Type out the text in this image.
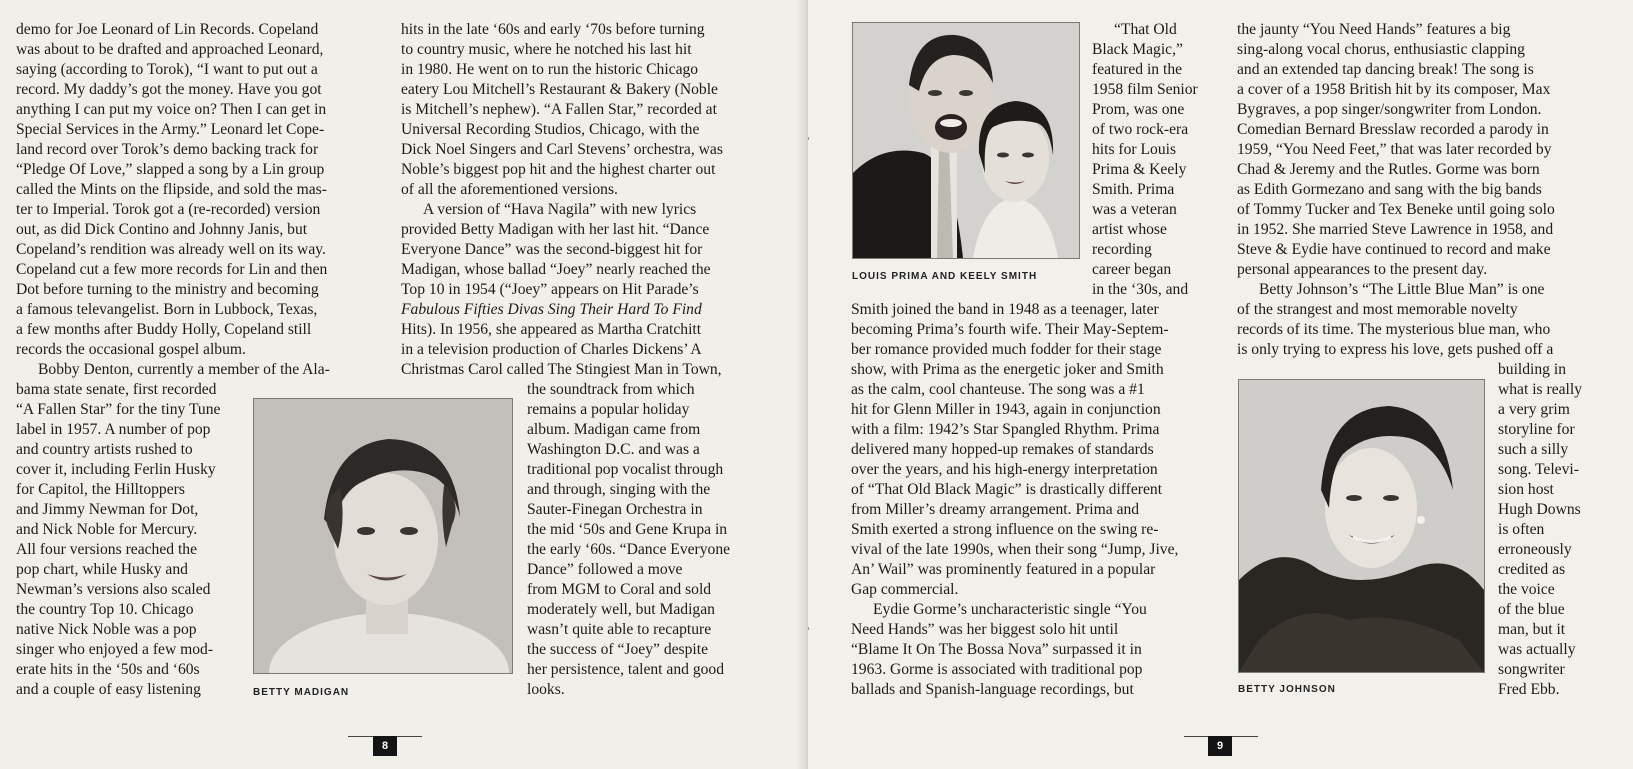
demo for Joe Leonard of Lin Records. Copeland
was about to be drafted and approached Leonard,
saying (according to Torok), “I want to put out a
record. My daddy’s got the money. Have you got
anything I can put my voice on? Then I can get in
Special Services in the Army.” Leonard let Cope-
land record over Torok’s demo backing track for
“Pledge Of Love,” slapped a song by a Lin group
called the Mints on the flipside, and sold the mas-
ter to Imperial. Torok got a (re-recorded) version
out, as did Dick Contino and Johnny Janis, but
Copeland’s rendition was already well on its way.
Copeland cut a few more records for Lin and then
Dot before turning to the ministry and becoming
a famous televangelist. Born in Lubbock, Texas,
a few months after Buddy Holly, Copeland still
records the occasional gospel album.
Bobby Denton, currently a member of the Ala-
bama state senate, first recorded
“A Fallen Star” for the tiny Tune
label in 1957. A number of pop
and country artists rushed to
cover it, including Ferlin Husky
for Capitol, the Hilltoppers
and Jimmy Newman for Dot,
and Nick Noble for Mercury.
All four versions reached the
pop chart, while Husky and
Newman’s versions also scaled
the country Top 10. Chicago
native Nick Noble was a pop
singer who enjoyed a few mod-
erate hits in the ‘50s and ‘60s
and a couple of easy listening	BETTY MADIGAN
hits in the late ‘60s and early ‘70s before turning
to country music, where he notched his last hit
in 1980. He went on to run the historic Chicago
eatery Lou Mitchell’s Restaurant & Bakery (Noble
is Mitchell’s nephew). “A Fallen Star,” recorded at
Universal Recording Studios, Chicago, with the
Dick Noel Singers and Carl Stevens’ orchestra, was
Noble’s biggest pop hit and the highest charter out
of all the aforementioned versions.
A version of “Hava Nagila” with new lyrics
provided Betty Madigan with her last hit. “Dance
Everyone Dance” was the second-biggest hit for
Madigan, whose ballad “Joey” nearly reached the
Top 10 in 1954 (“Joey” appears on Hit Parade’s
Fabulous Fifties Divas Sing Their Hard To Find
Hits). In 1956, she appeared as Martha Cratchitt
in a television production of Charles Dickens’ A
Christmas Carol called The Stingiest Man in Town,
the soundtrack from which
remains a popular holiday
album. Madigan came from
Washington D.C. and was a
traditional pop vocalist through
and through, singing with the
Sauter-Finegan Orchestra in
the mid ‘50s and Gene Krupa in
the early ‘60s. “Dance Everyone
Dance” followed a move
from MGM to Coral and sold
moderately well, but Madigan
wasn’t quite able to recapture
the success of “Joey” despite
her persistence, talent and good
looks.
8
LOUIS PRIMA AND KEELY SMITH
“That Old
Black Magic,”
featured in the
1958 film Senior
Prom, was one
of two rock-era
hits for Louis
Prima & Keely
Smith. Prima
was a veteran
artist whose
recording
career began
in the ‘30s, and
Smith joined the band in 1948 as a teenager, later
becoming Prima’s fourth wife. Their May-Septem-
ber romance provided much fodder for their stage
show, with Prima as the energetic joker and Smith
as the calm, cool chanteuse. The song was a #1
hit for Glenn Miller in 1943, again in conjunction
with a film: 1942’s Star Spangled Rhythm. Prima
delivered many hopped-up remakes of standards
over the years, and his high-energy interpretation
of “That Old Black Magic” is drastically different
from Miller’s dreamy arrangement. Prima and
Smith exerted a strong influence on the swing re-
vival of the late 1990s, when their song “Jump, Jive,
An’ Wail” was prominently featured in a popular
Gap commercial.
Eydie Gorme’s uncharacteristic single “You
Need Hands” was her biggest solo hit until
“Blame It On The Bossa Nova” surpassed it in
1963. Gorme is associated with traditional pop
ballads and Spanish-language recordings, but
the jaunty “You Need Hands” features a big
sing-along vocal chorus, enthusiastic clapping
and an extended tap dancing break! The song is
a cover of a 1958 British hit by its composer, Max
Bygraves, a pop singer/songwriter from London.
Comedian Bernard Bresslaw recorded a parody in
1959, “You Need Feet,” that was later recorded by
Chad & Jeremy and the Rutles. Gorme was born
as Edith Gormezano and sang with the big bands
of Tommy Tucker and Tex Beneke until going solo
in 1952. She married Steve Lawrence in 1958, and
Steve & Eydie have continued to record and make
personal appearances to the present day.
Betty Johnson’s “The Little Blue Man” is one
of the strangest and most memorable novelty
records of its time. The mysterious blue man, who
is only trying to express his love, gets pushed off a
BETTY JOHNSON
building in
what is really
a very grim
storyline for
such a silly
song. Televi-
sion host
Hugh Downs
is often
erroneously
credited as
the voice
of the blue
man, but it
was actually
songwriter
Fred Ebb.
9
